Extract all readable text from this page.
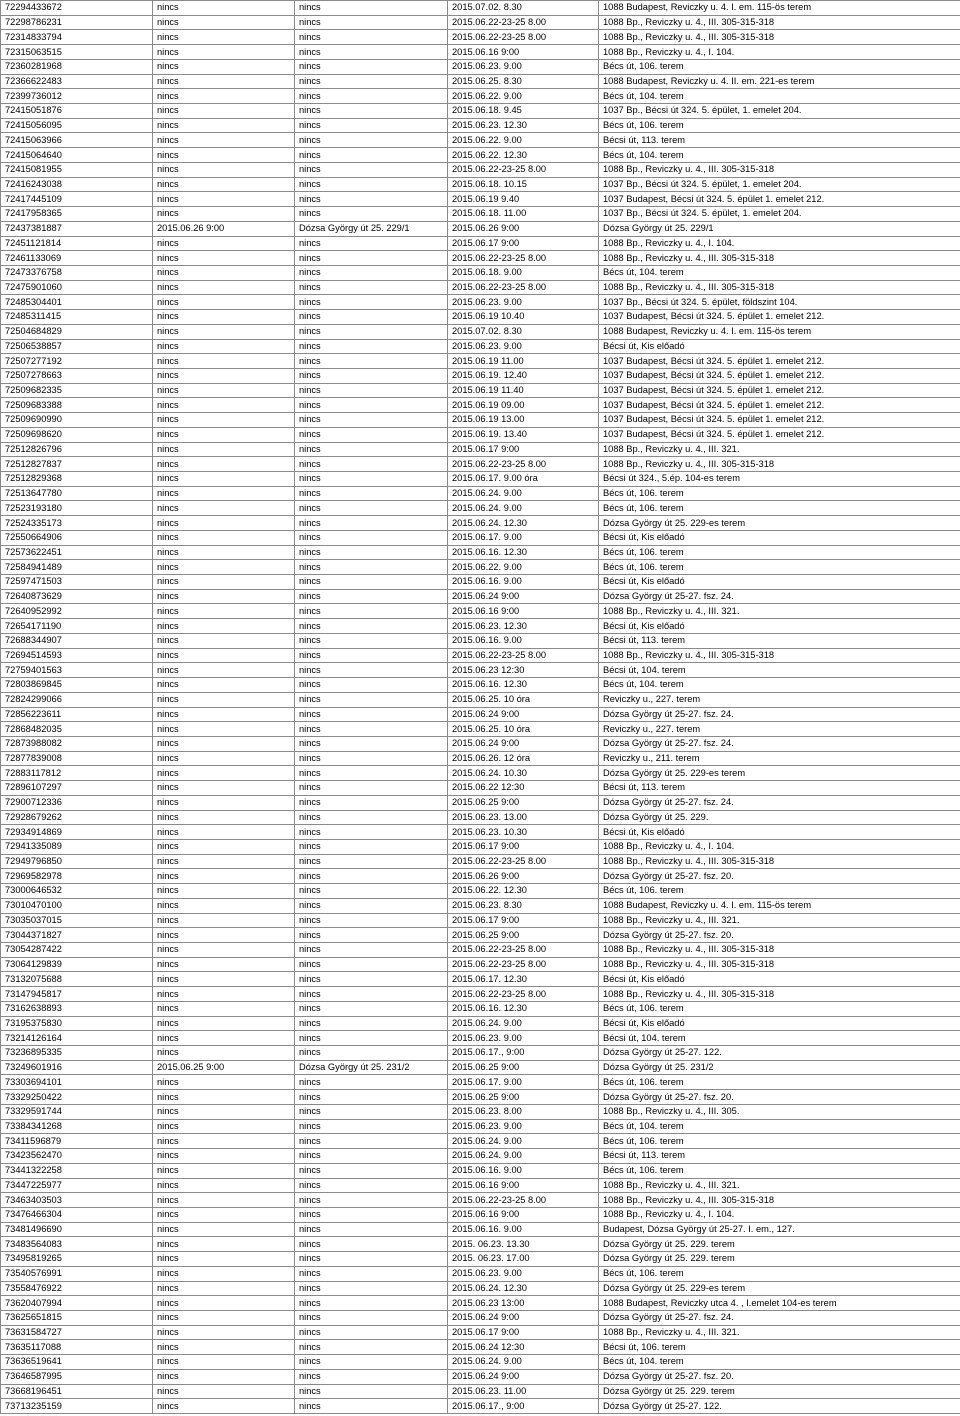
72294433672	nincs	nincs	2015.07.02. 8.30	1088 Budapest, Reviczky u. 4. I. em. 115-ös terem
72298786231	nincs	nincs	2015.06.22-23-25 8.00	1088 Bp., Reviczky u. 4., III. 305-315-318
72314833794	nincs	nincs	2015.06.22-23-25 8.00	1088 Bp., Reviczky u. 4., III. 305-315-318
72315063515	nincs	nincs	2015.06.16 9:00	1088 Bp., Reviczky u. 4., I. 104.
72360281968	nincs	nincs	2015.06.23. 9.00	Bécs út, 106. terem
72366622483	nincs	nincs	2015.06.25. 8.30	1088 Budapest, Reviczky u. 4. II. em. 221-es terem
72399736012	nincs	nincs	2015.06.22. 9.00	Bécs út, 104. terem
72415051876	nincs	nincs	2015.06.18. 9.45	1037 Bp., Bécsi út 324. 5. épület, 1. emelet 204.
72415056095	nincs	nincs	2015.06.23. 12.30	Bécs út, 106. terem
72415063966	nincs	nincs	2015.06.22. 9.00	Bécsi út, 113. terem
72415064640	nincs	nincs	2015.06.22. 12.30	Bécs út, 104. terem
72415081955	nincs	nincs	2015.06.22-23-25 8.00	1088 Bp., Reviczky u. 4., III. 305-315-318
72416243038	nincs	nincs	2015.06.18. 10.15	1037 Bp., Bécsi út 324. 5. épület, 1. emelet 204.
72417445109	nincs	nincs	2015.06.19 9.40	1037 Budapest, Bécsi út 324. 5. épület 1. emelet 212.
72417958365	nincs	nincs	2015.06.18. 11.00	1037 Bp., Bécsi út 324. 5. épület, 1. emelet 204.
72437381887	2015.06.26 9:00	Dózsa György út 25. 229/1	2015.06.26 9:00	Dózsa György út 25. 229/1
72451121814	nincs	nincs	2015.06.17 9:00	1088 Bp., Reviczky u. 4., I. 104.
72461133069	nincs	nincs	2015.06.22-23-25 8.00	1088 Bp., Reviczky u. 4., III. 305-315-318
72473376758	nincs	nincs	2015.06.18. 9.00	Bécs út, 104. terem
72475901060	nincs	nincs	2015.06.22-23-25 8.00	1088 Bp., Reviczky u. 4., III. 305-315-318
72485304401	nincs	nincs	2015.06.23. 9.00	1037 Bp., Bécsi út 324. 5. épület, földszint 104.
72485311415	nincs	nincs	2015.06.19 10.40	1037 Budapest, Bécsi út 324. 5. épület 1. emelet 212.
72504684829	nincs	nincs	2015.07.02. 8.30	1088 Budapest, Reviczky u. 4. I. em. 115-ös terem
72506538857	nincs	nincs	2015.06.23. 9.00	Bécsi út, Kis előadó
72507277192	nincs	nincs	2015.06.19 11.00	1037 Budapest, Bécsi út 324. 5. épület 1. emelet 212.
72507278663	nincs	nincs	2015.06.19. 12.40	1037 Budapest, Bécsi út 324. 5. épület 1. emelet 212.
72509682335	nincs	nincs	2015.06.19 11.40	1037 Budapest, Bécsi út 324. 5. épület 1. emelet 212.
72509683388	nincs	nincs	2015.06.19 09.00	1037 Budapest, Bécsi út 324. 5. épület 1. emelet 212.
72509690990	nincs	nincs	2015.06.19 13.00	1037 Budapest, Bécsi út 324. 5. épület 1. emelet 212.
72509698620	nincs	nincs	2015.06.19. 13.40	1037 Budapest, Bécsi út 324. 5. épület 1. emelet 212.
72512826796	nincs	nincs	2015.06.17 9:00	1088 Bp., Reviczky u. 4., III. 321.
72512827837	nincs	nincs	2015.06.22-23-25 8.00	1088 Bp., Reviczky u. 4., III. 305-315-318
72512829368	nincs	nincs	2015.06.17. 9.00 óra	Bécsi út 324., 5.ép. 104-es terem
72513647780	nincs	nincs	2015.06.24. 9.00	Bécs út, 106. terem
72523193180	nincs	nincs	2015.06.24. 9.00	Bécs út, 106. terem
72524335173	nincs	nincs	2015.06.24. 12.30	Dózsa György út 25. 229-es terem
72550664906	nincs	nincs	2015.06.17. 9.00	Bécsi út, Kis előadó
72573622451	nincs	nincs	2015.06.16. 12.30	Bécs út, 106. terem
72584941489	nincs	nincs	2015.06.22. 9.00	Bécs út, 106. terem
72597471503	nincs	nincs	2015.06.16. 9.00	Bécsi út, Kis előadó
72640873629	nincs	nincs	2015.06.24 9:00	Dózsa György út 25-27. fsz. 24.
72640952992	nincs	nincs	2015.06.16 9:00	1088 Bp., Reviczky u. 4., III. 321.
72654171190	nincs	nincs	2015.06.23. 12.30	Bécsi út, Kis előadó
72688344907	nincs	nincs	2015.06.16. 9.00	Bécsi út, 113. terem
72694514593	nincs	nincs	2015.06.22-23-25 8.00	1088 Bp., Reviczky u. 4., III. 305-315-318
72759401563	nincs	nincs	2015.06.23 12:30	Bécsi út, 104. terem
72803869845	nincs	nincs	2015.06.16. 12.30	Bécs út, 104. terem
72824299066	nincs	nincs	2015.06.25. 10 óra	Reviczky u., 227. terem
72856223611	nincs	nincs	2015.06.24 9:00	Dózsa György út 25-27. fsz. 24.
72868482035	nincs	nincs	2015.06.25. 10 óra	Reviczky u., 227. terem
72873988082	nincs	nincs	2015.06.24 9:00	Dózsa György út 25-27. fsz. 24.
72877839008	nincs	nincs	2015.06.26. 12 óra	Reviczky u., 211. terem
72883117812	nincs	nincs	2015.06.24. 10.30	Dózsa György út 25. 229-es terem
72896107297	nincs	nincs	2015.06.22 12:30	Bécsi út, 113. terem
72900712336	nincs	nincs	2015.06.25 9:00	Dózsa György út 25-27. fsz. 24.
72928679262	nincs	nincs	2015.06.23. 13.00	Dózsa György út 25. 229.
72934914869	nincs	nincs	2015.06.23. 10.30	Bécsi út, Kis előadó
72941335089	nincs	nincs	2015.06.17 9:00	1088 Bp., Reviczky u. 4., I. 104.
72949796850	nincs	nincs	2015.06.22-23-25 8.00	1088 Bp., Reviczky u. 4., III. 305-315-318
72969582978	nincs	nincs	2015.06.26 9:00	Dózsa György út 25-27. fsz. 20.
73000646532	nincs	nincs	2015.06.22. 12.30	Bécs út, 106. terem
73010470100	nincs	nincs	2015.06.23. 8.30	1088 Budapest, Reviczky u. 4. I. em. 115-ös terem
73035037015	nincs	nincs	2015.06.17 9:00	1088 Bp., Reviczky u. 4., III. 321.
73044371827	nincs	nincs	2015.06.25 9:00	Dózsa György út 25-27. fsz. 20.
73054287422	nincs	nincs	2015.06.22-23-25 8.00	1088 Bp., Reviczky u. 4., III. 305-315-318
73064129839	nincs	nincs	2015.06.22-23-25 8.00	1088 Bp., Reviczky u. 4., III. 305-315-318
73132075688	nincs	nincs	2015.06.17. 12.30	Bécsi út, Kis előadó
73147945817	nincs	nincs	2015.06.22-23-25 8.00	1088 Bp., Reviczky u. 4., III. 305-315-318
73162638893	nincs	nincs	2015.06.16. 12.30	Bécs út, 106. terem
73195375830	nincs	nincs	2015.06.24. 9.00	Bécsi út, Kis előadó
73214126164	nincs	nincs	2015.06.23. 9.00	Bécsi út, 104. terem
73236895335	nincs	nincs	2015.06.17., 9:00	Dózsa György út 25-27. 122.
73249601916	2015.06.25 9:00	Dózsa György út 25. 231/2	2015.06.25 9:00	Dózsa György út 25. 231/2
73303694101	nincs	nincs	2015.06.17. 9.00	Bécs út, 106. terem
73329250422	nincs	nincs	2015.06.25 9:00	Dózsa György út 25-27. fsz. 20.
73329591744	nincs	nincs	2015.06.23. 8.00	1088 Bp., Reviczky u. 4., III. 305.
73384341268	nincs	nincs	2015.06.23. 9.00	Bécs út, 104. terem
73411596879	nincs	nincs	2015.06.24. 9.00	Bécs út, 106. terem
73423562470	nincs	nincs	2015.06.24. 9.00	Bécsi út, 113. terem
73441322258	nincs	nincs	2015.06.16. 9.00	Bécs út, 106. terem
73447225977	nincs	nincs	2015.06.16 9:00	1088 Bp., Reviczky u. 4., III. 321.
73463403503	nincs	nincs	2015.06.22-23-25 8.00	1088 Bp., Reviczky u. 4., III. 305-315-318
73476466304	nincs	nincs	2015.06.16 9:00	1088 Bp., Reviczky u. 4., I. 104.
73481496690	nincs	nincs	2015.06.16. 9.00	Budapest, Dózsa György út 25-27. I. em., 127.
73483564083	nincs	nincs	2015. 06.23. 13.30	Dózsa György út 25. 229. terem
73495819265	nincs	nincs	2015. 06.23. 17.00	Dózsa György út 25. 229. terem
73540576991	nincs	nincs	2015.06.23. 9.00	Bécs út, 106. terem
73558476922	nincs	nincs	2015.06.24. 12.30	Dózsa György út 25. 229-es terem
73620407994	nincs	nincs	2015.06.23 13:00	1088 Budapest, Reviczky utca 4. , I.emelet 104-es terem
73625651815	nincs	nincs	2015.06.24 9:00	Dózsa György út 25-27. fsz. 24.
73631584727	nincs	nincs	2015.06.17 9:00	1088 Bp., Reviczky u. 4., III. 321.
73635117088	nincs	nincs	2015.06.24 12:30	Bécsi út, 106. terem
73636519641	nincs	nincs	2015.06.24. 9.00	Bécs út, 104. terem
73646587995	nincs	nincs	2015.06.24 9:00	Dózsa György út 25-27. fsz. 20.
73668196451	nincs	nincs	2015.06.23. 11.00	Dózsa György út 25. 229. terem
73713235159	nincs	nincs	2015.06.17., 9:00	Dózsa György út 25-27. 122.
